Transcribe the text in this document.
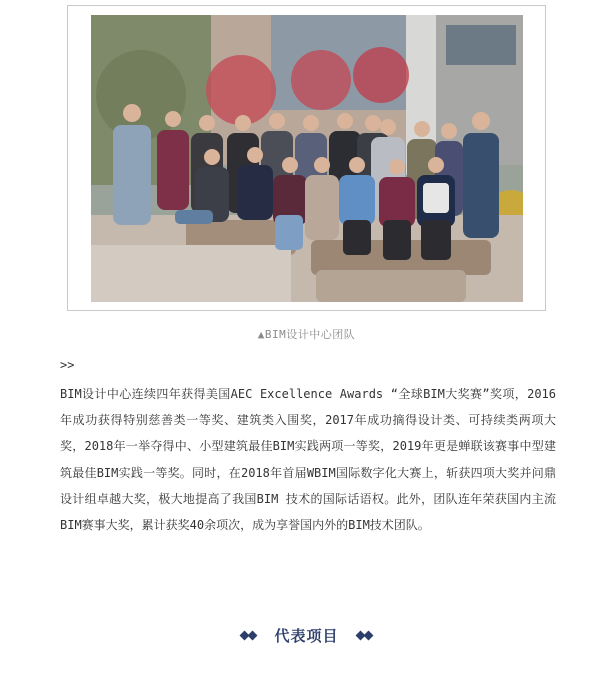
▲BIM设计中心团队
>>

BIM设计中心连续四年获得美国AEC Excellence Awards “全球BIM大奖赛”奖项，2016年成功获得特别慈善类一等奖、建筑类入围奖，2017年成功摘得设计类、可持续类两项大奖，2018年一举夺得中、小型建筑最佳BIM实践两项一等奖，2019年更是蝉联该赛事中型建筑最佳BIM实践一等奖。同时，在2018年首届WBIM国际数字化大赛上，斩获四项大奖并问鼎设计组卓越大奖，极大地提高了我国BIM 技术的国际话语权。此外，团队连年荣获国内主流BIM赛事大奖，累计获奖40余项次，成为享誉国内外的BIM技术团队。

代表项目
